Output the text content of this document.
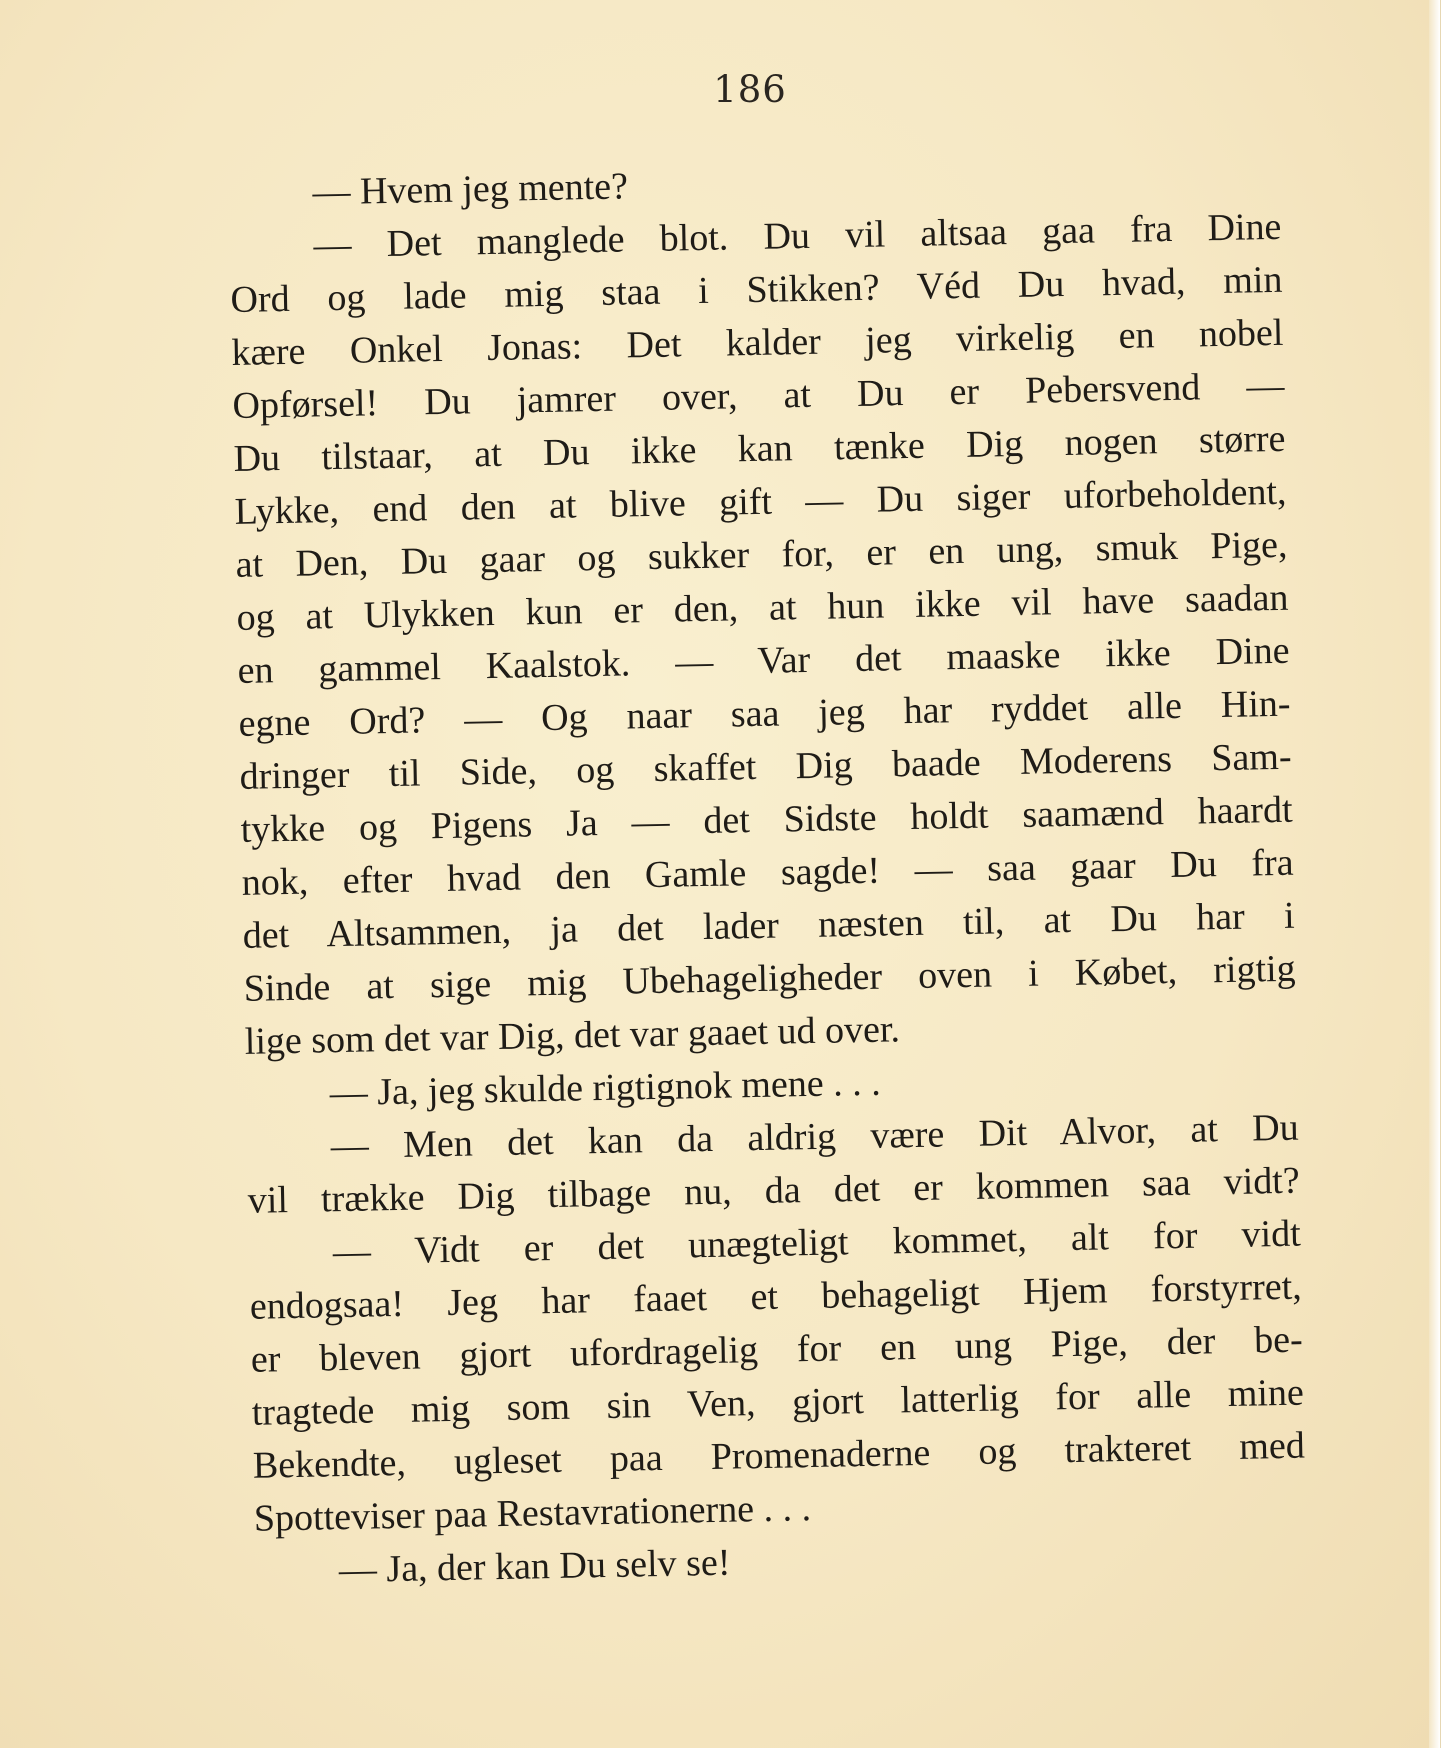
186
— Hvem jeg mente?
— Det manglede blot. Du vil altsaa gaa fra Dine
Ord og lade mig staa i Stikken? Véd Du hvad, min
kære Onkel Jonas: Det kalder jeg virkelig en nobel
Opførsel! Du jamrer over, at Du er Pebersvend —
Du tilstaar, at Du ikke kan tænke Dig nogen større
Lykke, end den at blive gift — Du siger uforbeholdent,
at Den, Du gaar og sukker for, er en ung, smuk Pige,
og at Ulykken kun er den, at hun ikke vil have saadan
en gammel Kaalstok. — Var det maaske ikke Dine
egne Ord? — Og naar saa jeg har ryddet alle Hin-
dringer til Side, og skaffet Dig baade Moderens Sam-
tykke og Pigens Ja — det Sidste holdt saamænd haardt
nok, efter hvad den Gamle sagde! — saa gaar Du fra
det Altsammen, ja det lader næsten til, at Du har i
Sinde at sige mig Ubehageligheder oven i Købet, rigtig
lige som det var Dig, det var gaaet ud over.
— Ja, jeg skulde rigtignok mene . . .
— Men det kan da aldrig være Dit Alvor, at Du
vil trække Dig tilbage nu, da det er kommen saa vidt?
— Vidt er det unægteligt kommet, alt for vidt
endogsaa! Jeg har faaet et behageligt Hjem forstyrret,
er bleven gjort ufordragelig for en ung Pige, der be-
tragtede mig som sin Ven, gjort latterlig for alle mine
Bekendte, ugleset paa Promenaderne og trakteret med
Spotteviser paa Restavrationerne . . .
— Ja, der kan Du selv se!
